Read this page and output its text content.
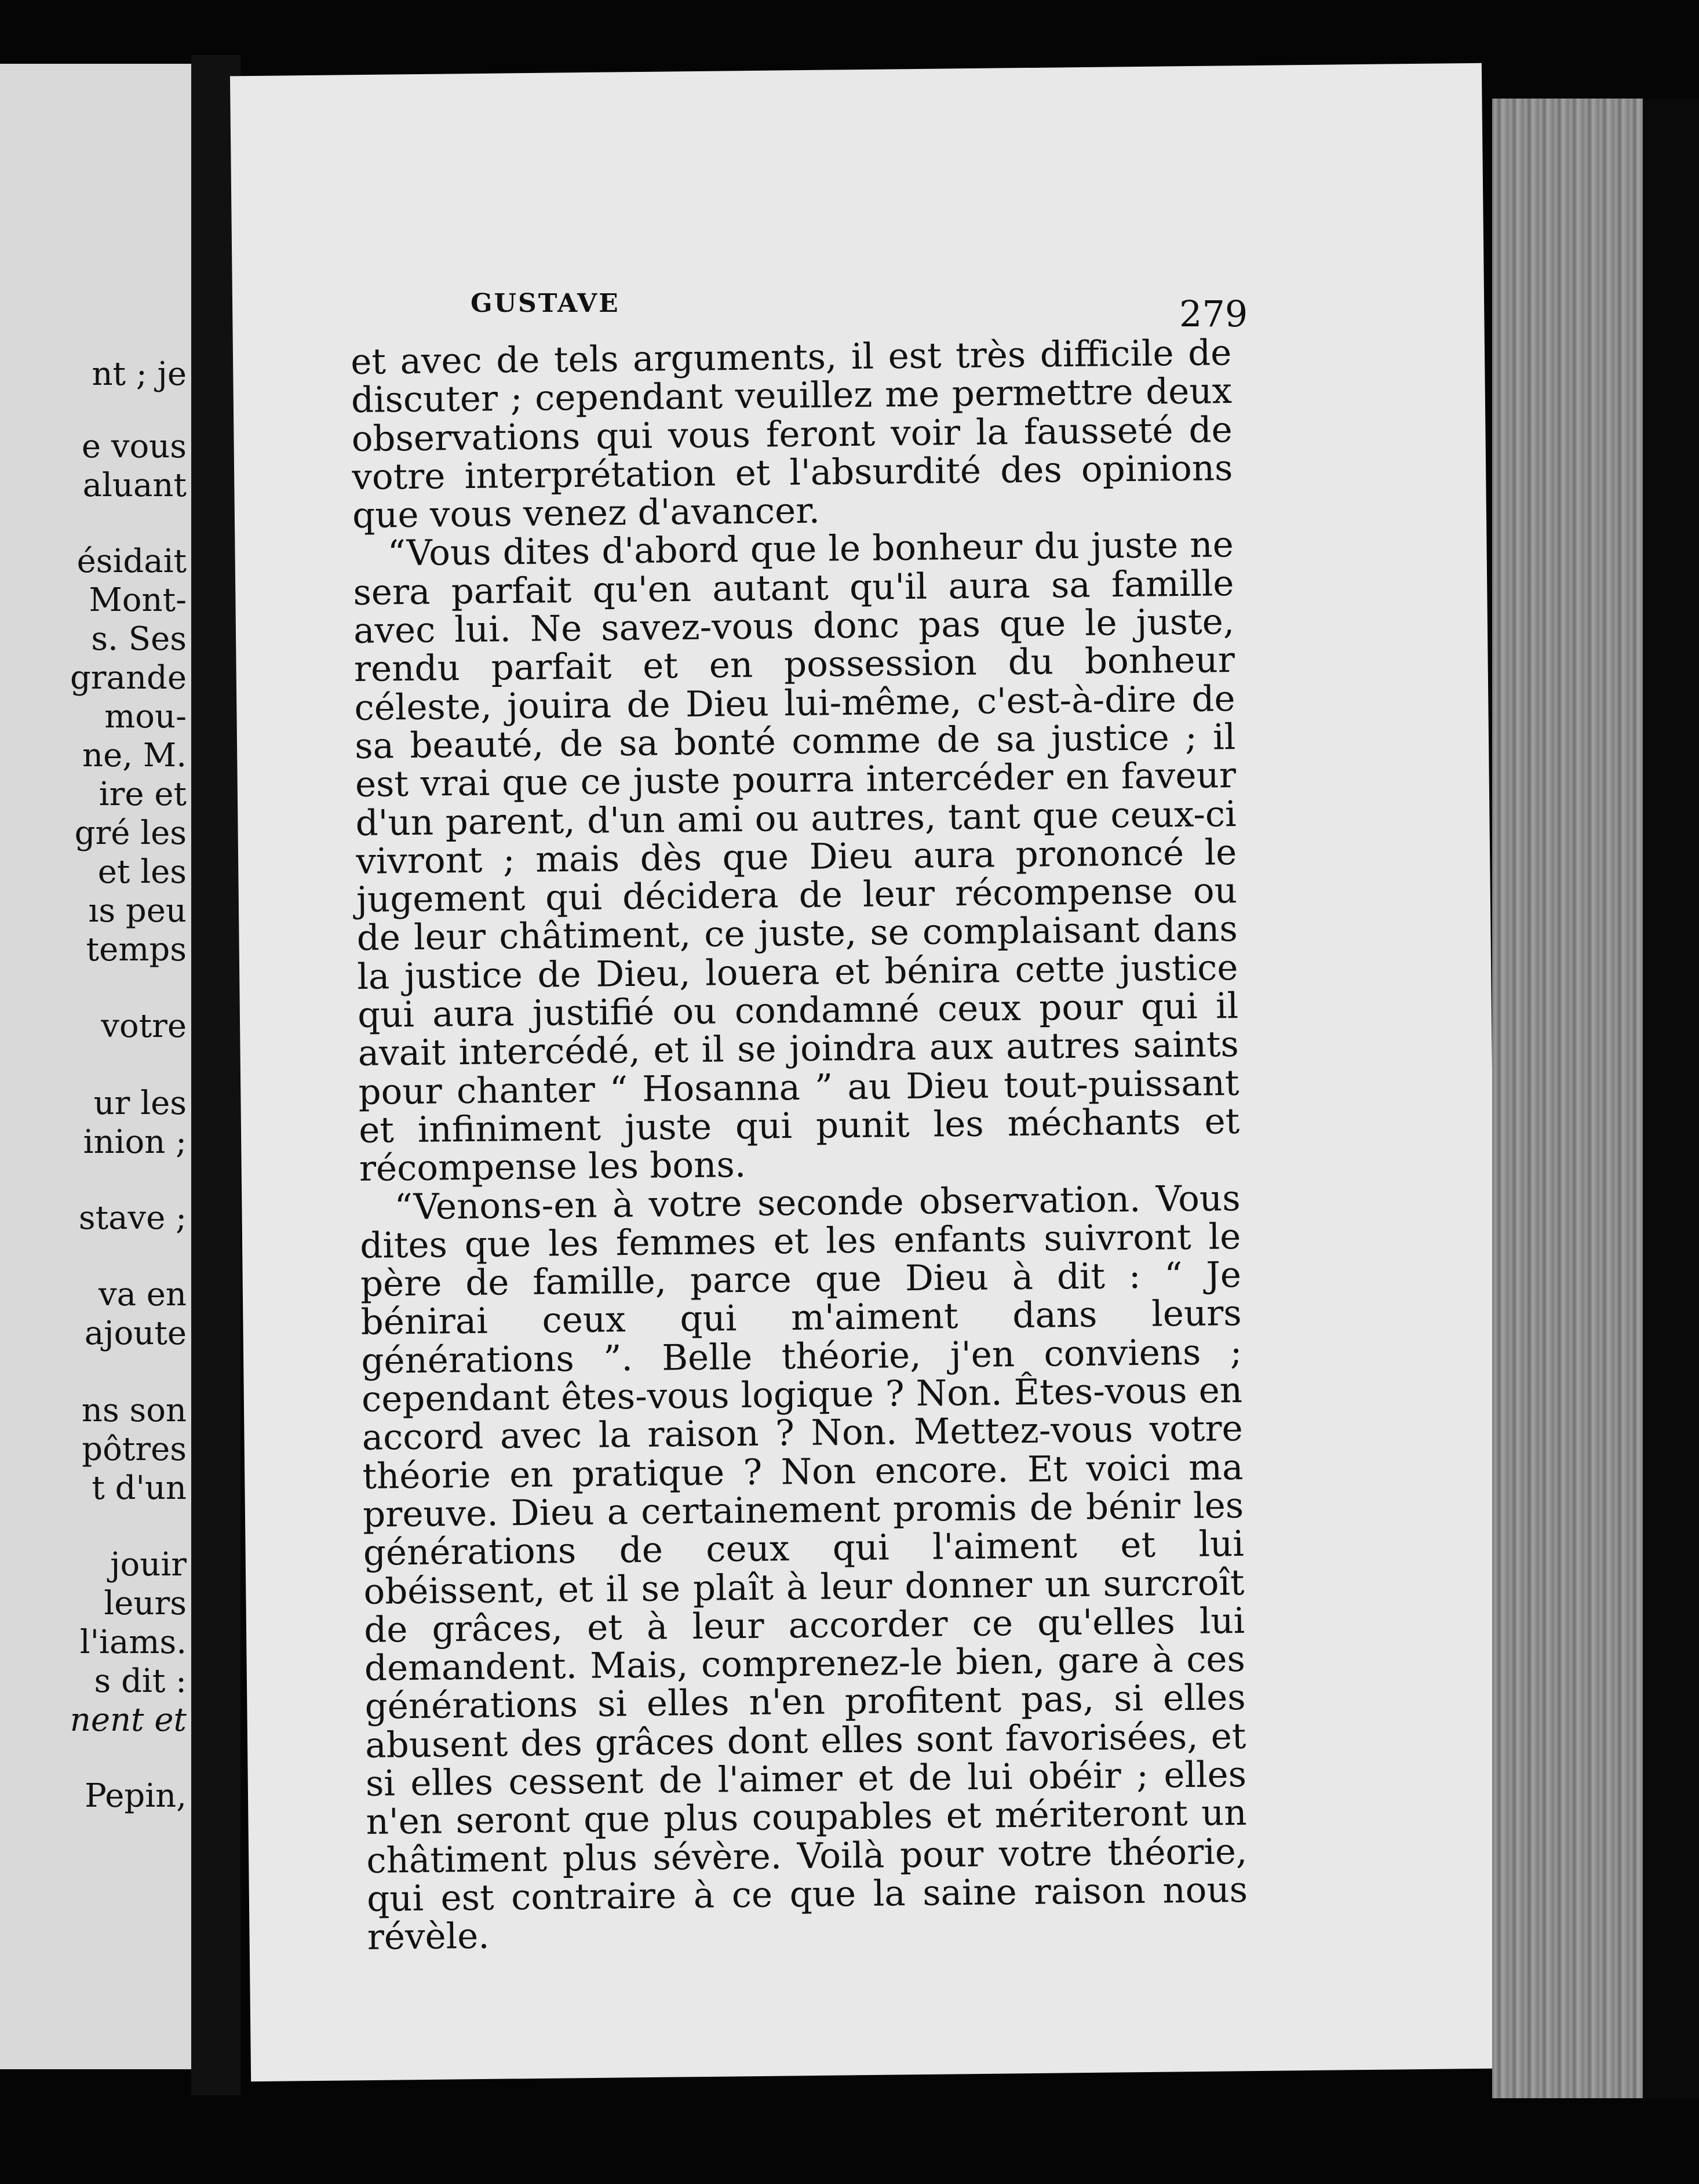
nt ; je
e vous
aluant
ésidait
Mont-
s. Ses
grande
mou-
ne, M.
ire et
gré les
et les
ıs peu
temps
votre
ur les
inion ;
stave ;
va en
ajoute
ns son
pôtres
t d'un
jouir
leurs
l'iams.
s dit :
nent et
Pepin,
GUSTAVE	279

et avec de tels arguments, il est très difficile de discuter ; cependant veuillez me permettre deux observations qui vous feront voir la fausseté de votre interprétation et l'absurdité des opinions que vous venez d'avancer.

“Vous dites d'abord que le bonheur du juste ne sera parfait qu'en autant qu'il aura sa famille avec lui. Ne savez-vous donc pas que le juste, rendu parfait et en possession du bonheur céleste, jouira de Dieu lui-même, c'est-à-dire de sa beauté, de sa bonté comme de sa justice ; il est vrai que ce juste pourra intercéder en faveur d'un parent, d'un ami ou autres, tant que ceux-ci vivront ; mais dès que Dieu aura prononcé le jugement qui décidera de leur récompense ou de leur châtiment, ce juste, se complaisant dans la justice de Dieu, louera et bénira cette justice qui aura justifié ou condamné ceux pour qui il avait intercédé, et il se joindra aux autres saints pour chanter “ Hosanna ” au Dieu tout-puissant et infiniment juste qui punit les méchants et récompense les bons.

“Venons-en à votre seconde observation. Vous dites que les femmes et les enfants suivront le père de famille, parce que Dieu à dit : “ Je bénirai ceux qui m'aiment dans leurs générations ”. Belle théorie, j'en conviens ; cependant êtes-vous logique ? Non. Êtes-vous en accord avec la raison ? Non. Mettez-vous votre théorie en pratique ? Non encore. Et voici ma preuve. Dieu a certainement promis de bénir les générations de ceux qui l'aiment et lui obéissent, et il se plaît à leur donner un surcroît de grâces, et à leur accorder ce qu'elles lui demandent. Mais, comprenez-le bien, gare à ces générations si elles n'en profitent pas, si elles abusent des grâces dont elles sont favorisées, et si elles cessent de l'aimer et de lui obéir ; elles n'en seront que plus coupables et mériteront un châtiment plus sévère. Voilà pour votre théorie, qui est contraire à ce que la saine raison nous révèle.
